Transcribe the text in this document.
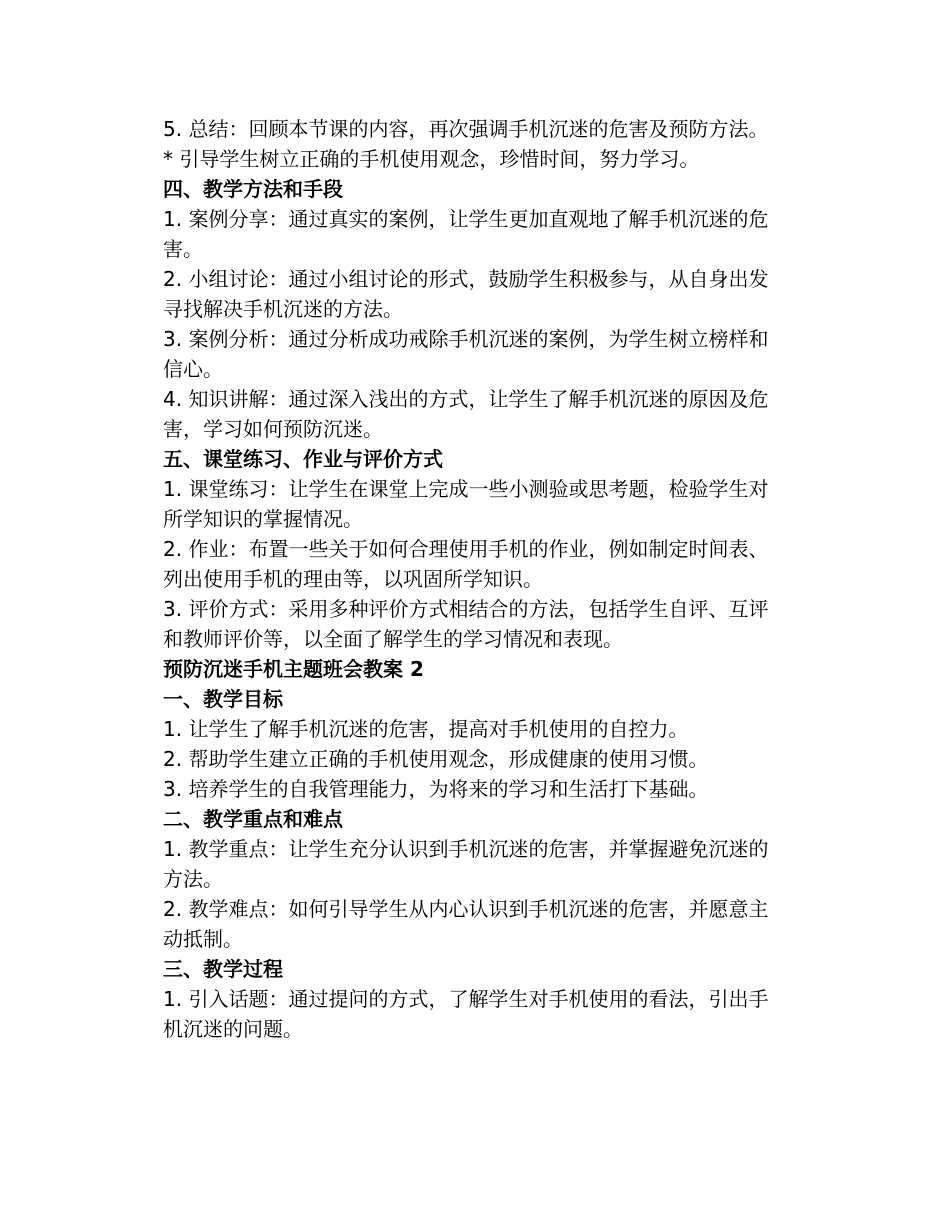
5. 总结：回顾本节课的内容，再次强调手机沉迷的危害及预防方法。

* 引导学生树立正确的手机使用观念，珍惜时间，努力学习。

四、教学方法和手段

1. 案例分享：通过真实的案例，让学生更加直观地了解手机沉迷的危害。

2. 小组讨论：通过小组讨论的形式，鼓励学生积极参与，从自身出发寻找解决手机沉迷的方法。

3. 案例分析：通过分析成功戒除手机沉迷的案例，为学生树立榜样和信心。

4. 知识讲解：通过深入浅出的方式，让学生了解手机沉迷的原因及危害，学习如何预防沉迷。

五、课堂练习、作业与评价方式

1. 课堂练习：让学生在课堂上完成一些小测验或思考题，检验学生对所学知识的掌握情况。

2. 作业：布置一些关于如何合理使用手机的作业，例如制定时间表、列出使用手机的理由等，以巩固所学知识。

3. 评价方式：采用多种评价方式相结合的方法，包括学生自评、互评和教师评价等，以全面了解学生的学习情况和表现。

预防沉迷手机主题班会教案 2

一、教学目标

1. 让学生了解手机沉迷的危害，提高对手机使用的自控力。

2. 帮助学生建立正确的手机使用观念，形成健康的使用习惯。

3. 培养学生的自我管理能力，为将来的学习和生活打下基础。

二、教学重点和难点

1. 教学重点：让学生充分认识到手机沉迷的危害，并掌握避免沉迷的方法。

2. 教学难点：如何引导学生从内心认识到手机沉迷的危害，并愿意主动抵制。

三、教学过程

1. 引入话题：通过提问的方式，了解学生对手机使用的看法，引出手机沉迷的问题。
